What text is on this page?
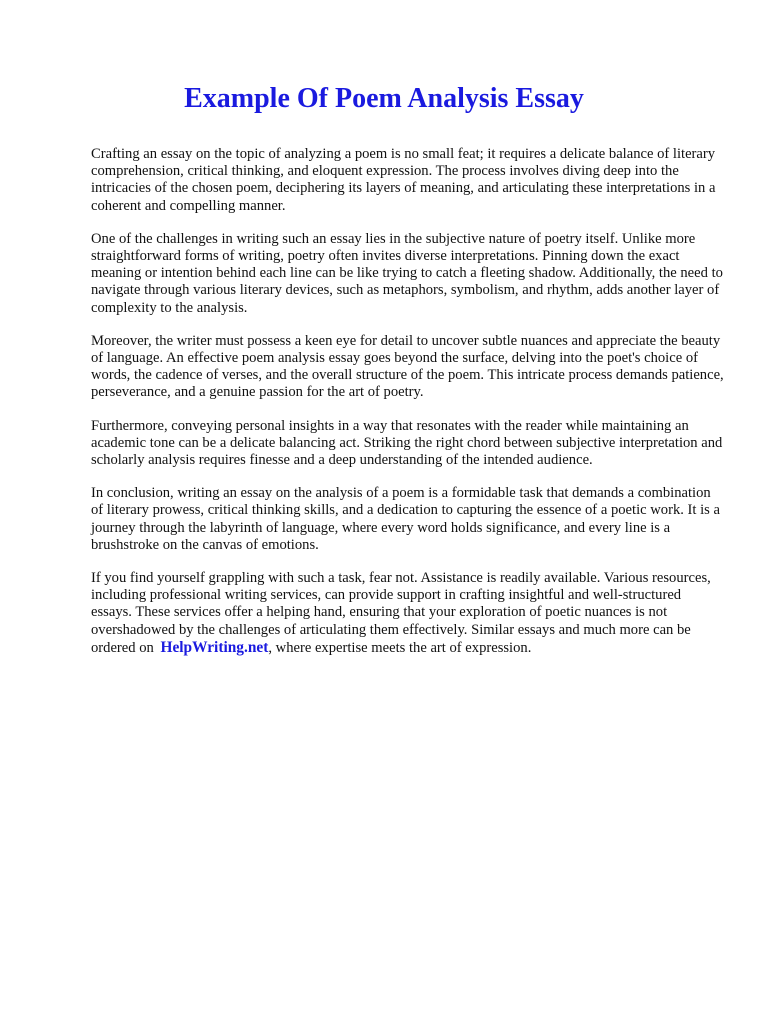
Example Of Poem Analysis Essay

Crafting an essay on the topic of analyzing a poem is no small feat; it requires a delicate balance of literary comprehension, critical thinking, and eloquent expression. The process involves diving deep into the intricacies of the chosen poem, deciphering its layers of meaning, and articulating these interpretations in a coherent and compelling manner.

One of the challenges in writing such an essay lies in the subjective nature of poetry itself. Unlike more straightforward forms of writing, poetry often invites diverse interpretations. Pinning down the exact meaning or intention behind each line can be like trying to catch a fleeting shadow. Additionally, the need to navigate through various literary devices, such as metaphors, symbolism, and rhythm, adds another layer of complexity to the analysis.

Moreover, the writer must possess a keen eye for detail to uncover subtle nuances and appreciate the beauty of language. An effective poem analysis essay goes beyond the surface, delving into the poet's choice of words, the cadence of verses, and the overall structure of the poem. This intricate process demands patience, perseverance, and a genuine passion for the art of poetry.

Furthermore, conveying personal insights in a way that resonates with the reader while maintaining an academic tone can be a delicate balancing act. Striking the right chord between subjective interpretation and scholarly analysis requires finesse and a deep understanding of the intended audience.

In conclusion, writing an essay on the analysis of a poem is a formidable task that demands a combination of literary prowess, critical thinking skills, and a dedication to capturing the essence of a poetic work. It is a journey through the labyrinth of language, where every word holds significance, and every line is a brushstroke on the canvas of emotions.

If you find yourself grappling with such a task, fear not. Assistance is readily available. Various resources, including professional writing services, can provide support in crafting insightful and well-structured essays. These services offer a helping hand, ensuring that your exploration of poetic nuances is not overshadowed by the challenges of articulating them effectively. Similar essays and much more can be ordered on HelpWriting.net, where expertise meets the art of expression.
